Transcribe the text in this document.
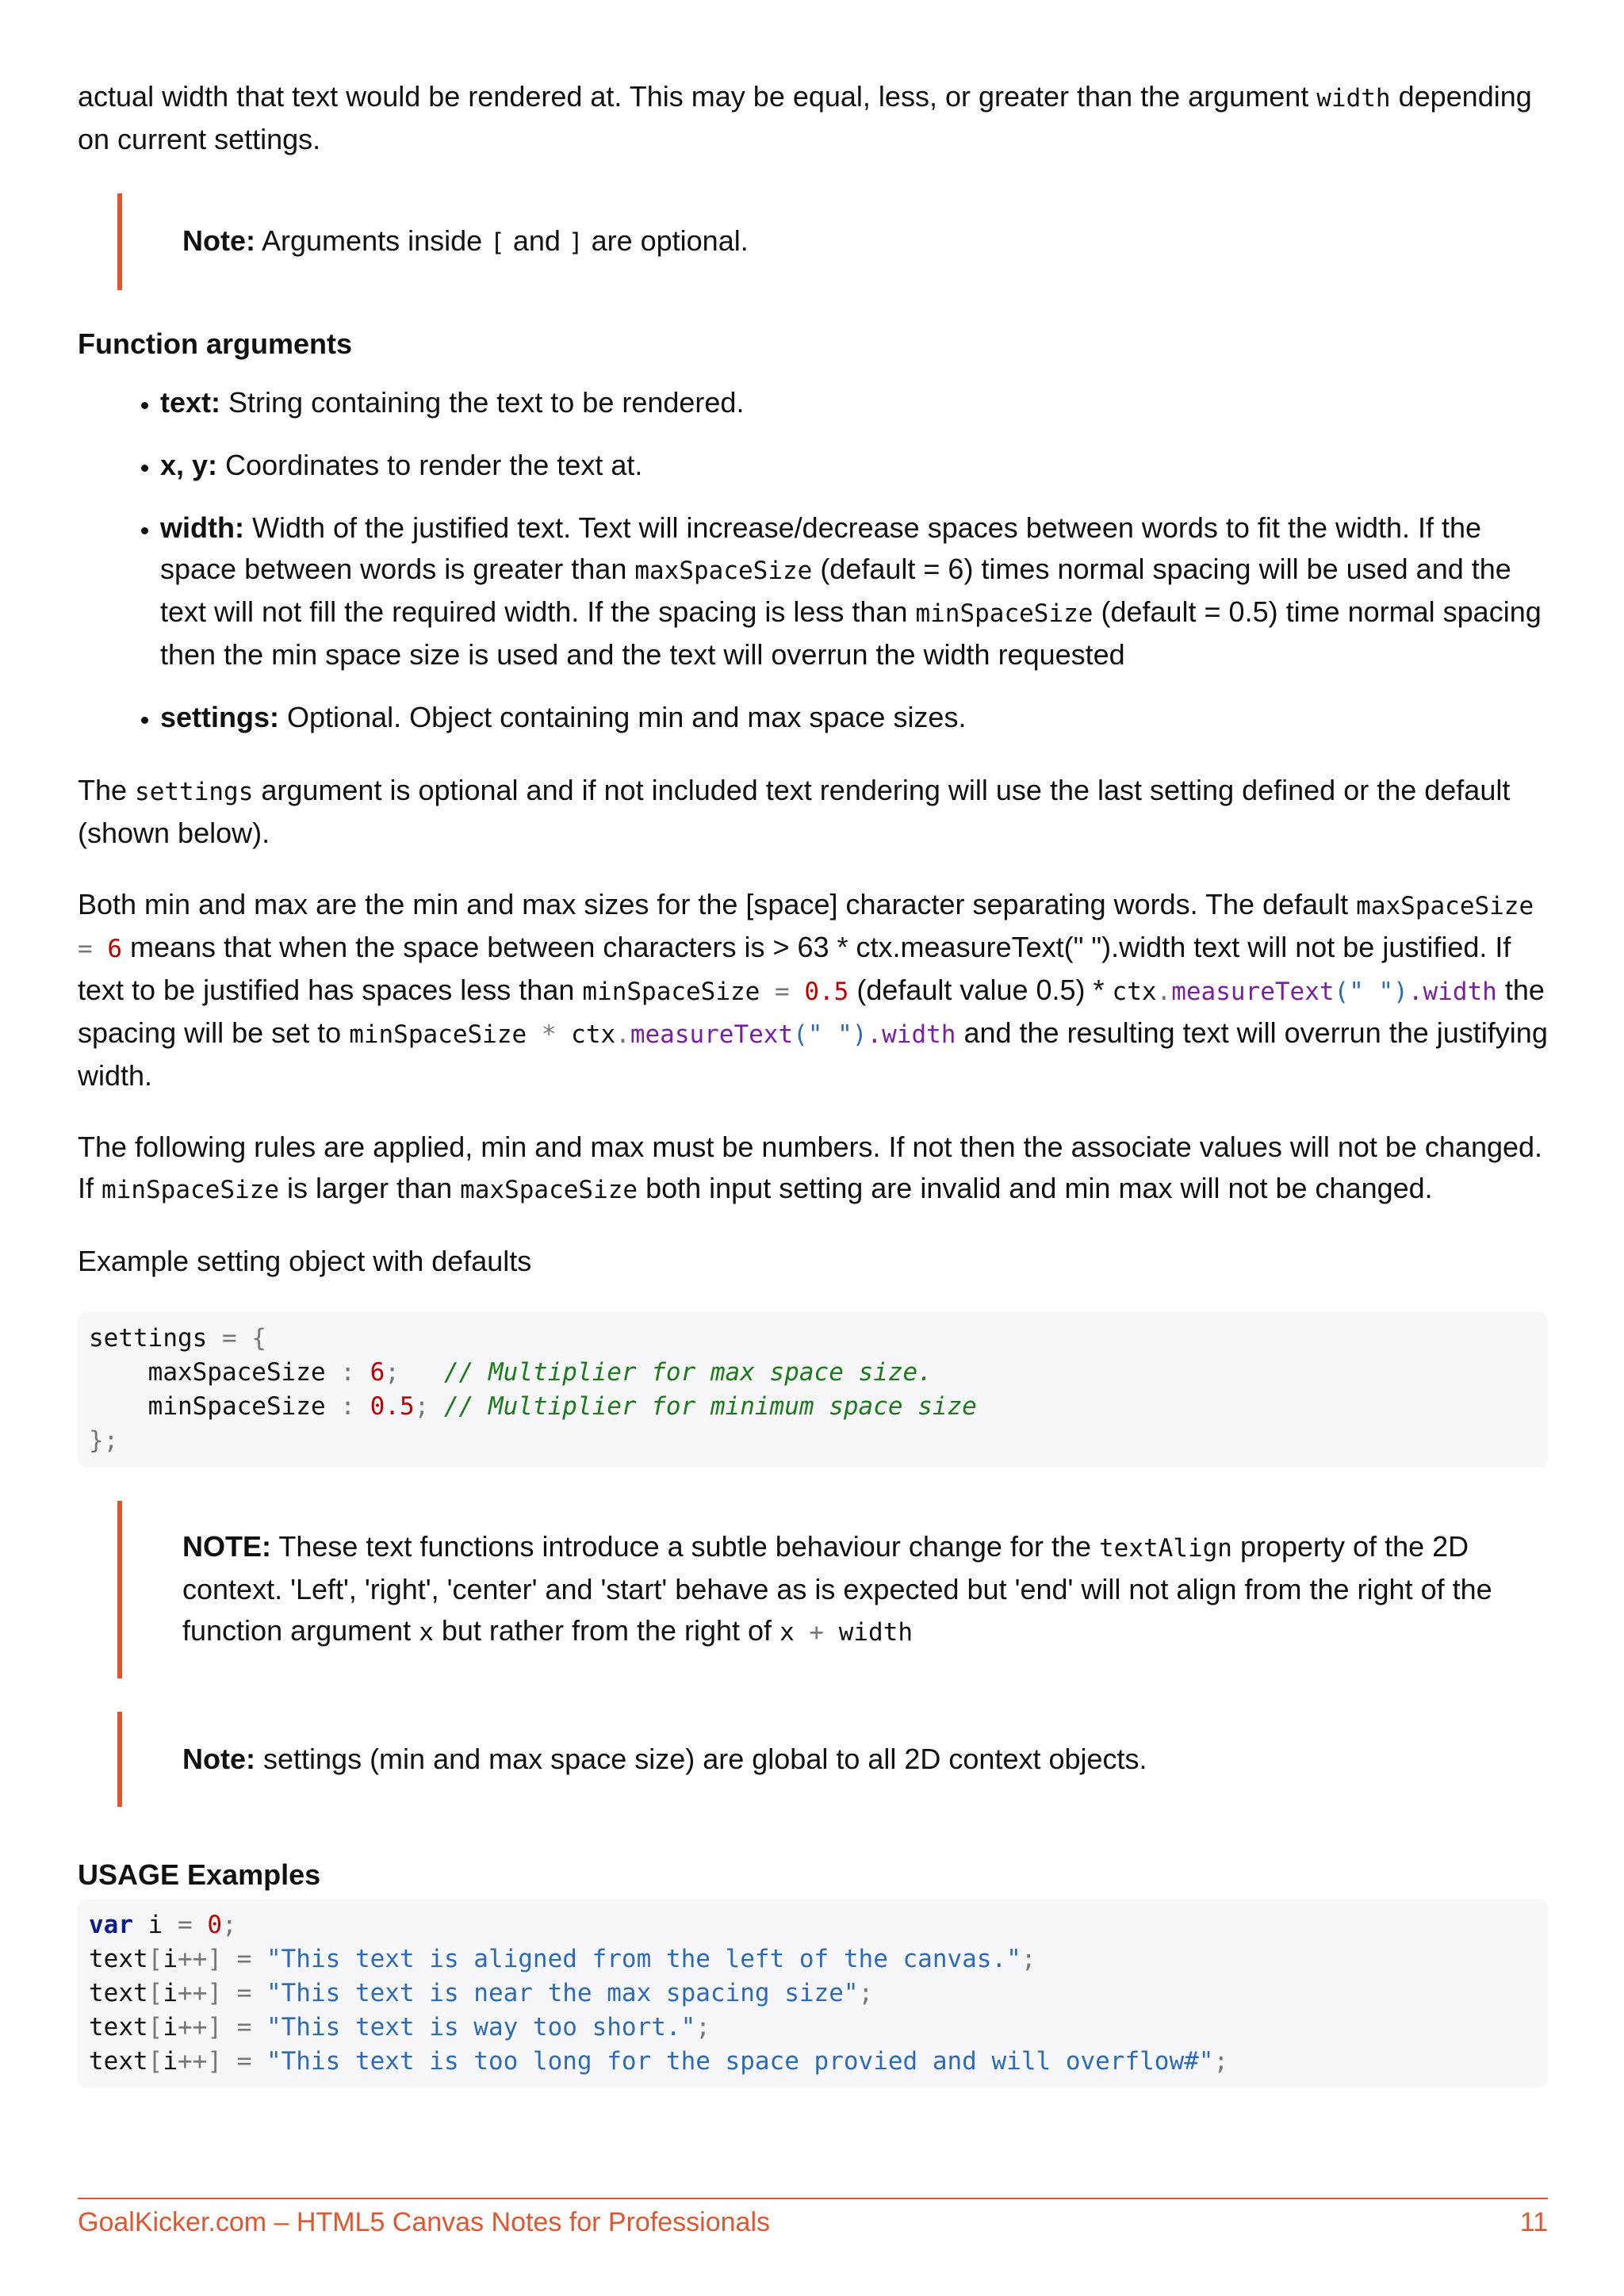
actual width that text would be rendered at. This may be equal, less, or greater than the argument width depending on current settings.

Note: Arguments inside [ and ] are optional.

Function arguments
• text: String containing the text to be rendered.
• x, y: Coordinates to render the text at.
• width: Width of the justified text. Text will increase/decrease spaces between words to fit the width. If the space between words is greater than maxSpaceSize (default = 6) times normal spacing will be used and the text will not fill the required width. If the spacing is less than minSpaceSize (default = 0.5) time normal spacing then the min space size is used and the text will overrun the width requested
• settings: Optional. Object containing min and max space sizes.

The settings argument is optional and if not included text rendering will use the last setting defined or the default (shown below).

Both min and max are the min and max sizes for the [space] character separating words. The default maxSpaceSize = 6 means that when the space between characters is > 63 * ctx.measureText(" ").width text will not be justified. If text to be justified has spaces less than minSpaceSize = 0.5 (default value 0.5) * ctx.measureText(" ").width the spacing will be set to minSpaceSize * ctx.measureText(" ").width and the resulting text will overrun the justifying width.

The following rules are applied, min and max must be numbers. If not then the associate values will not be changed. If minSpaceSize is larger than maxSpaceSize both input setting are invalid and min max will not be changed.

Example setting object with defaults

settings = {
maxSpaceSize : 6;   // Multiplier for max space size.
minSpaceSize : 0.5; // Multiplier for minimum space size
};

NOTE: These text functions introduce a subtle behaviour change for the textAlign property of the 2D context. 'Left', 'right', 'center' and 'start' behave as is expected but 'end' will not align from the right of the function argument x but rather from the right of x + width

Note: settings (min and max space size) are global to all 2D context objects.

USAGE Examples
var i = 0;
text[i++] = "This text is aligned from the left of the canvas.";
text[i++] = "This text is near the max spacing size";
text[i++] = "This text is way too short.";
text[i++] = "This text is too long for the space provied and will overflow#";
GoalKicker.com – HTML5 Canvas Notes for Professionals	11
